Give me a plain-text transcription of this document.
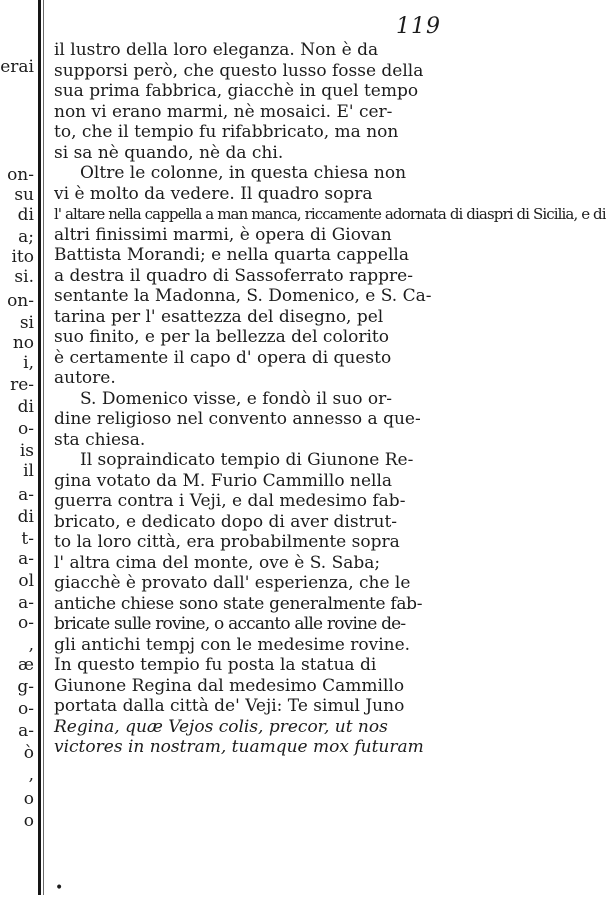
119
erai
on-
su
di
a;
ito
si.
on-
si
no
i,
re-
di
o-
is
il
a-
di
t-
a-
ol
a-
o-
,
æ
g-
o-
a-
ò
,
o
o
il lustro della loro eleganza. Non è da
supporsi però, che questo lusso fosse della
sua prima fabbrica, giacchè in quel tempo
non vi erano marmi, nè mosaici. E' cer-
to, che il tempio fu rifabbricato, ma non
si sa nè quando, nè da chi.
Oltre le colonne, in questa chiesa non
vi è molto da vedere. Il quadro sopra
l' altare nella cappella a man manca, riccamente adornata di diaspri di Sicilia, e di
altri finissimi marmi, è opera di Giovan
Battista Morandi; e nella quarta cappella
a destra il quadro di Sassoferrato rappre-
sentante la Madonna, S. Domenico, e S. Ca-
tarina per l' esattezza del disegno, pel
suo finito, e per la bellezza del colorito
è certamente il capo d' opera di questo
autore.
S. Domenico visse, e fondò il suo or-
dine religioso nel convento annesso a que-
sta chiesa.
Il sopraindicato tempio di Giunone Re-
gina votato da M. Furio Cammillo nella
guerra contra i Veji, e dal medesimo fab-
bricato, e dedicato dopo di aver distrut-
to la loro città, era probabilmente sopra
l' altra cima del monte, ove è S. Saba;
giacchè è provato dall' esperienza, che le
antiche chiese sono state generalmente fab-
bricate sulle rovine, o accanto alle rovine de-
gli antichi tempj con le medesime rovine.
In questo tempio fu posta la statua di
Giunone Regina dal medesimo Cammillo
portata dalla città de' Veji: Te simul Juno
Regina, quæ Vejos colis, precor, ut nos
victores in nostram, tuamque mox futuram
•
